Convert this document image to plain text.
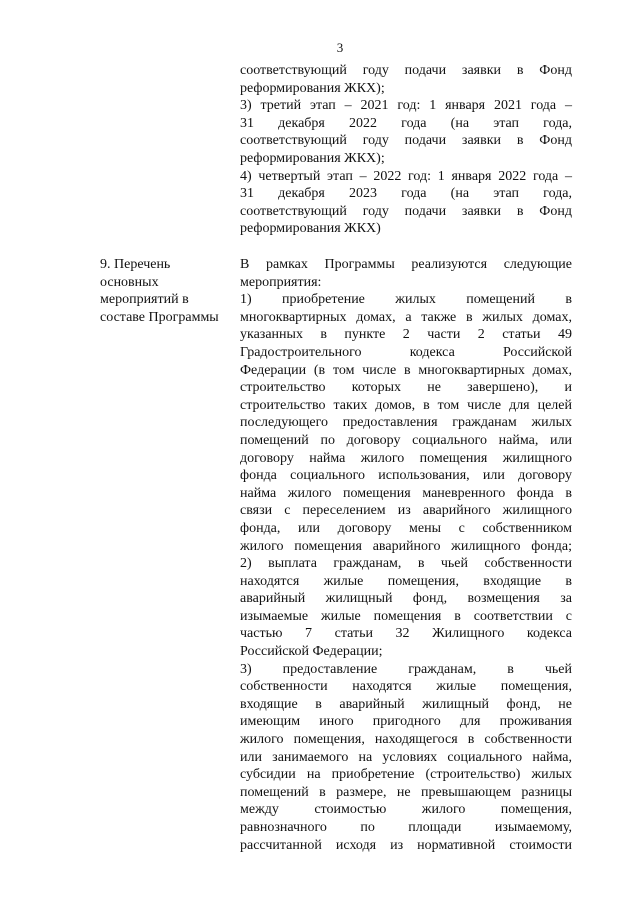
3
соответствующий году подачи заявки в Фонд
реформирования ЖКХ);
3) третий этап – 2021 год: 1 января 2021 года –
31 декабря 2022 года (на этап года,
соответствующий году подачи заявки в Фонд
реформирования ЖКХ);
4) четвертый этап – 2022 год: 1 января 2022 года –
31 декабря 2023 года (на этап года,
соответствующий году подачи заявки в Фонд
реформирования ЖКХ)
9. Перечень
основных
мероприятий в
составе Программы
В рамках Программы реализуются следующие
мероприятия:
1) приобретение жилых помещений в
многоквартирных домах, а также в жилых домах,
указанных в пункте 2 части 2 статьи 49
Градостроительного кодекса Российской
Федерации (в том числе в многоквартирных домах,
строительство которых не завершено), и
строительство таких домов, в том числе для целей
последующего предоставления гражданам жилых
помещений по договору социального найма, или
договору найма жилого помещения жилищного
фонда социального использования, или договору
найма жилого помещения маневренного фонда в
связи с переселением из аварийного жилищного
фонда, или договору мены с собственником
жилого помещения аварийного жилищного фонда;
2) выплата гражданам, в чьей собственности
находятся жилые помещения, входящие в
аварийный жилищный фонд, возмещения за
изымаемые жилые помещения в соответствии с
частью 7 статьи 32 Жилищного кодекса
Российской Федерации;
3) предоставление гражданам, в чьей
собственности находятся жилые помещения,
входящие в аварийный жилищный фонд, не
имеющим иного пригодного для проживания
жилого помещения, находящегося в собственности
или занимаемого на условиях социального найма,
субсидии на приобретение (строительство) жилых
помещений в размере, не превышающем разницы
между стоимостью жилого помещения,
равнозначного по площади изымаемому,
рассчитанной исходя из нормативной стоимости
